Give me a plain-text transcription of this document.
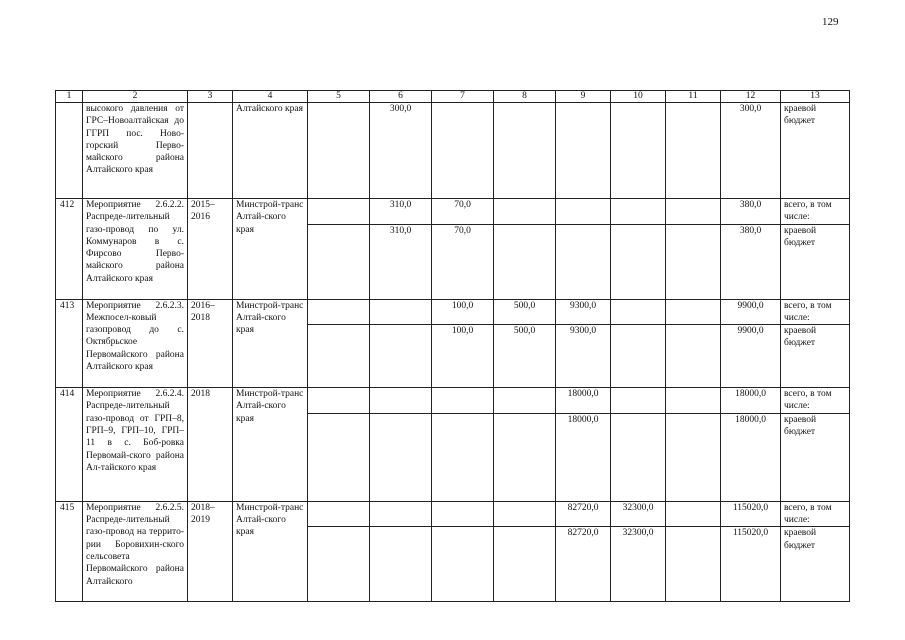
129
1	2	3	4	5	6	7	8	9	10	11	12	13
	высокого давления от ГРС–Новоалтайская до ГГРП пос. Ново-горский Перво-майского района Алтайского края		Алтайского края		300,0						300,0	краевой бюджет
412	Мероприятие 2.6.2.2. Распреде-лительный газо-провод по ул. Коммунаров в с. Фирсово Перво-майского района Алтайского края	2015–2016	Минстрой-транс Алтай-ского края		310,0	70,0					380,0	всего, в том числе:
					310,0	70,0					380,0	краевой бюджет
413	Мероприятие 2.6.2.3. Межпосел-ковый газопровод до с. Октябрьское Первомайского района Алтайского края	2016–2018	Минстрой-транс Алтай-ского края			100,0	500,0	9300,0			9900,0	всего, в том числе:
						100,0	500,0	9300,0			9900,0	краевой бюджет
414	Мероприятие 2.6.2.4. Распреде-лительный газо-провод от ГРП–8, ГРП–9, ГРП–10, ГРП–11 в с. Боб-ровка Первомай-ского района Ал-тайского края	2018	Минстрой-транс Алтай-ского края					18000,0			18000,0	всего, в том числе:
								18000,0			18000,0	краевой бюджет
415	Мероприятие 2.6.2.5. Распреде-лительный газо-провод на террито-рии Боровихин-ского сельсовета Первомайского района Алтайского	2018–2019	Минстрой-транс Алтай-ского края					82720,0	32300,0		115020,0	всего, в том числе:
								82720,0	32300,0		115020,0	краевой бюджет
